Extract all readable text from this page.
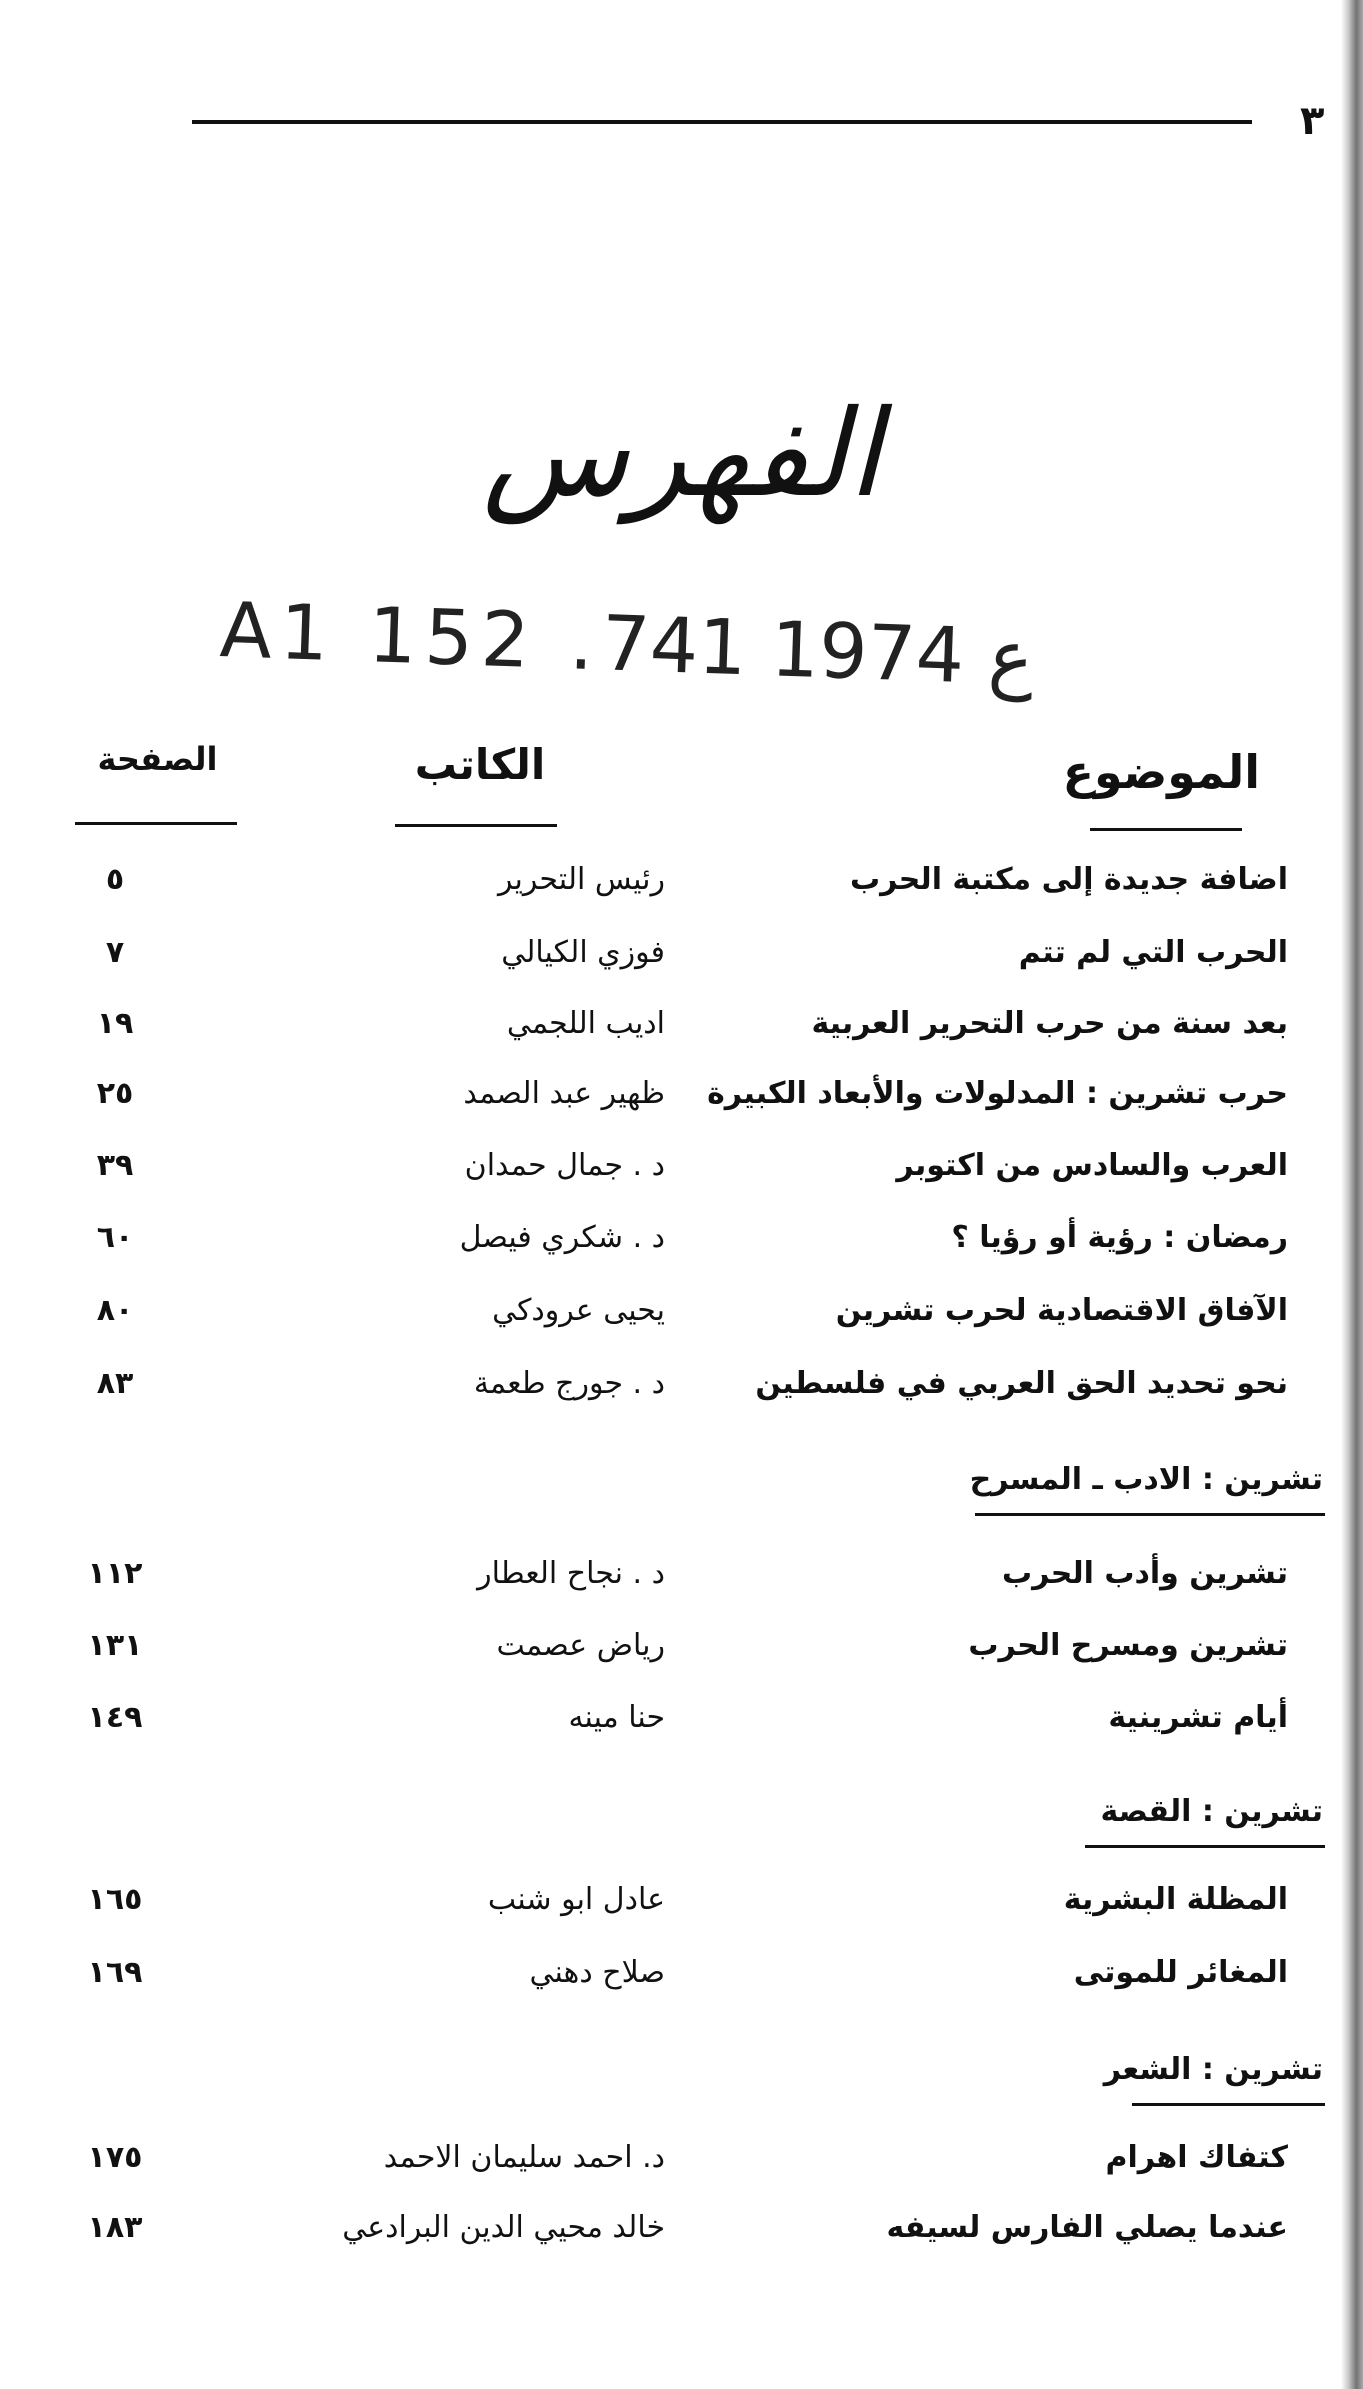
٣
الفهرس
A1 152 .ع 1974 741
الموضوع
الكاتب
الصفحة
اضافة جديدة إلى مكتبة الحرب
رئيس التحرير
٥
الحرب التي لم تتم
فوزي الكيالي
٧
بعد سنة من حرب التحرير العربية
اديب اللجمي
١٩
حرب تشرين : المدلولات والأبعاد الكبيرة
ظهير عبد الصمد
٢٥
العرب والسادس من اكتوبر
د . جمال حمدان
٣٩
رمضان : رؤية أو رؤيا ؟
د . شكري فيصل
٦٠
الآفاق الاقتصادية لحرب تشرين
يحيى عرودكي
٨٠
نحو تحديد الحق العربي في فلسطين
د . جورج طعمة
٨٣
تشرين : الادب ـ المسرح
تشرين وأدب الحرب
د . نجاح العطار
١١٢
تشرين ومسرح الحرب
رياض عصمت
١٣١
أيام تشرينية
حنا مينه
١٤٩
تشرين : القصة
المظلة البشرية
عادل ابو شنب
١٦٥
المغائر للموتى
صلاح دهني
١٦٩
تشرين : الشعر
كتفاك اهرام
د. احمد سليمان الاحمد
١٧٥
عندما يصلي الفارس لسيفه
خالد محيي الدين البرادعي
١٨٣
